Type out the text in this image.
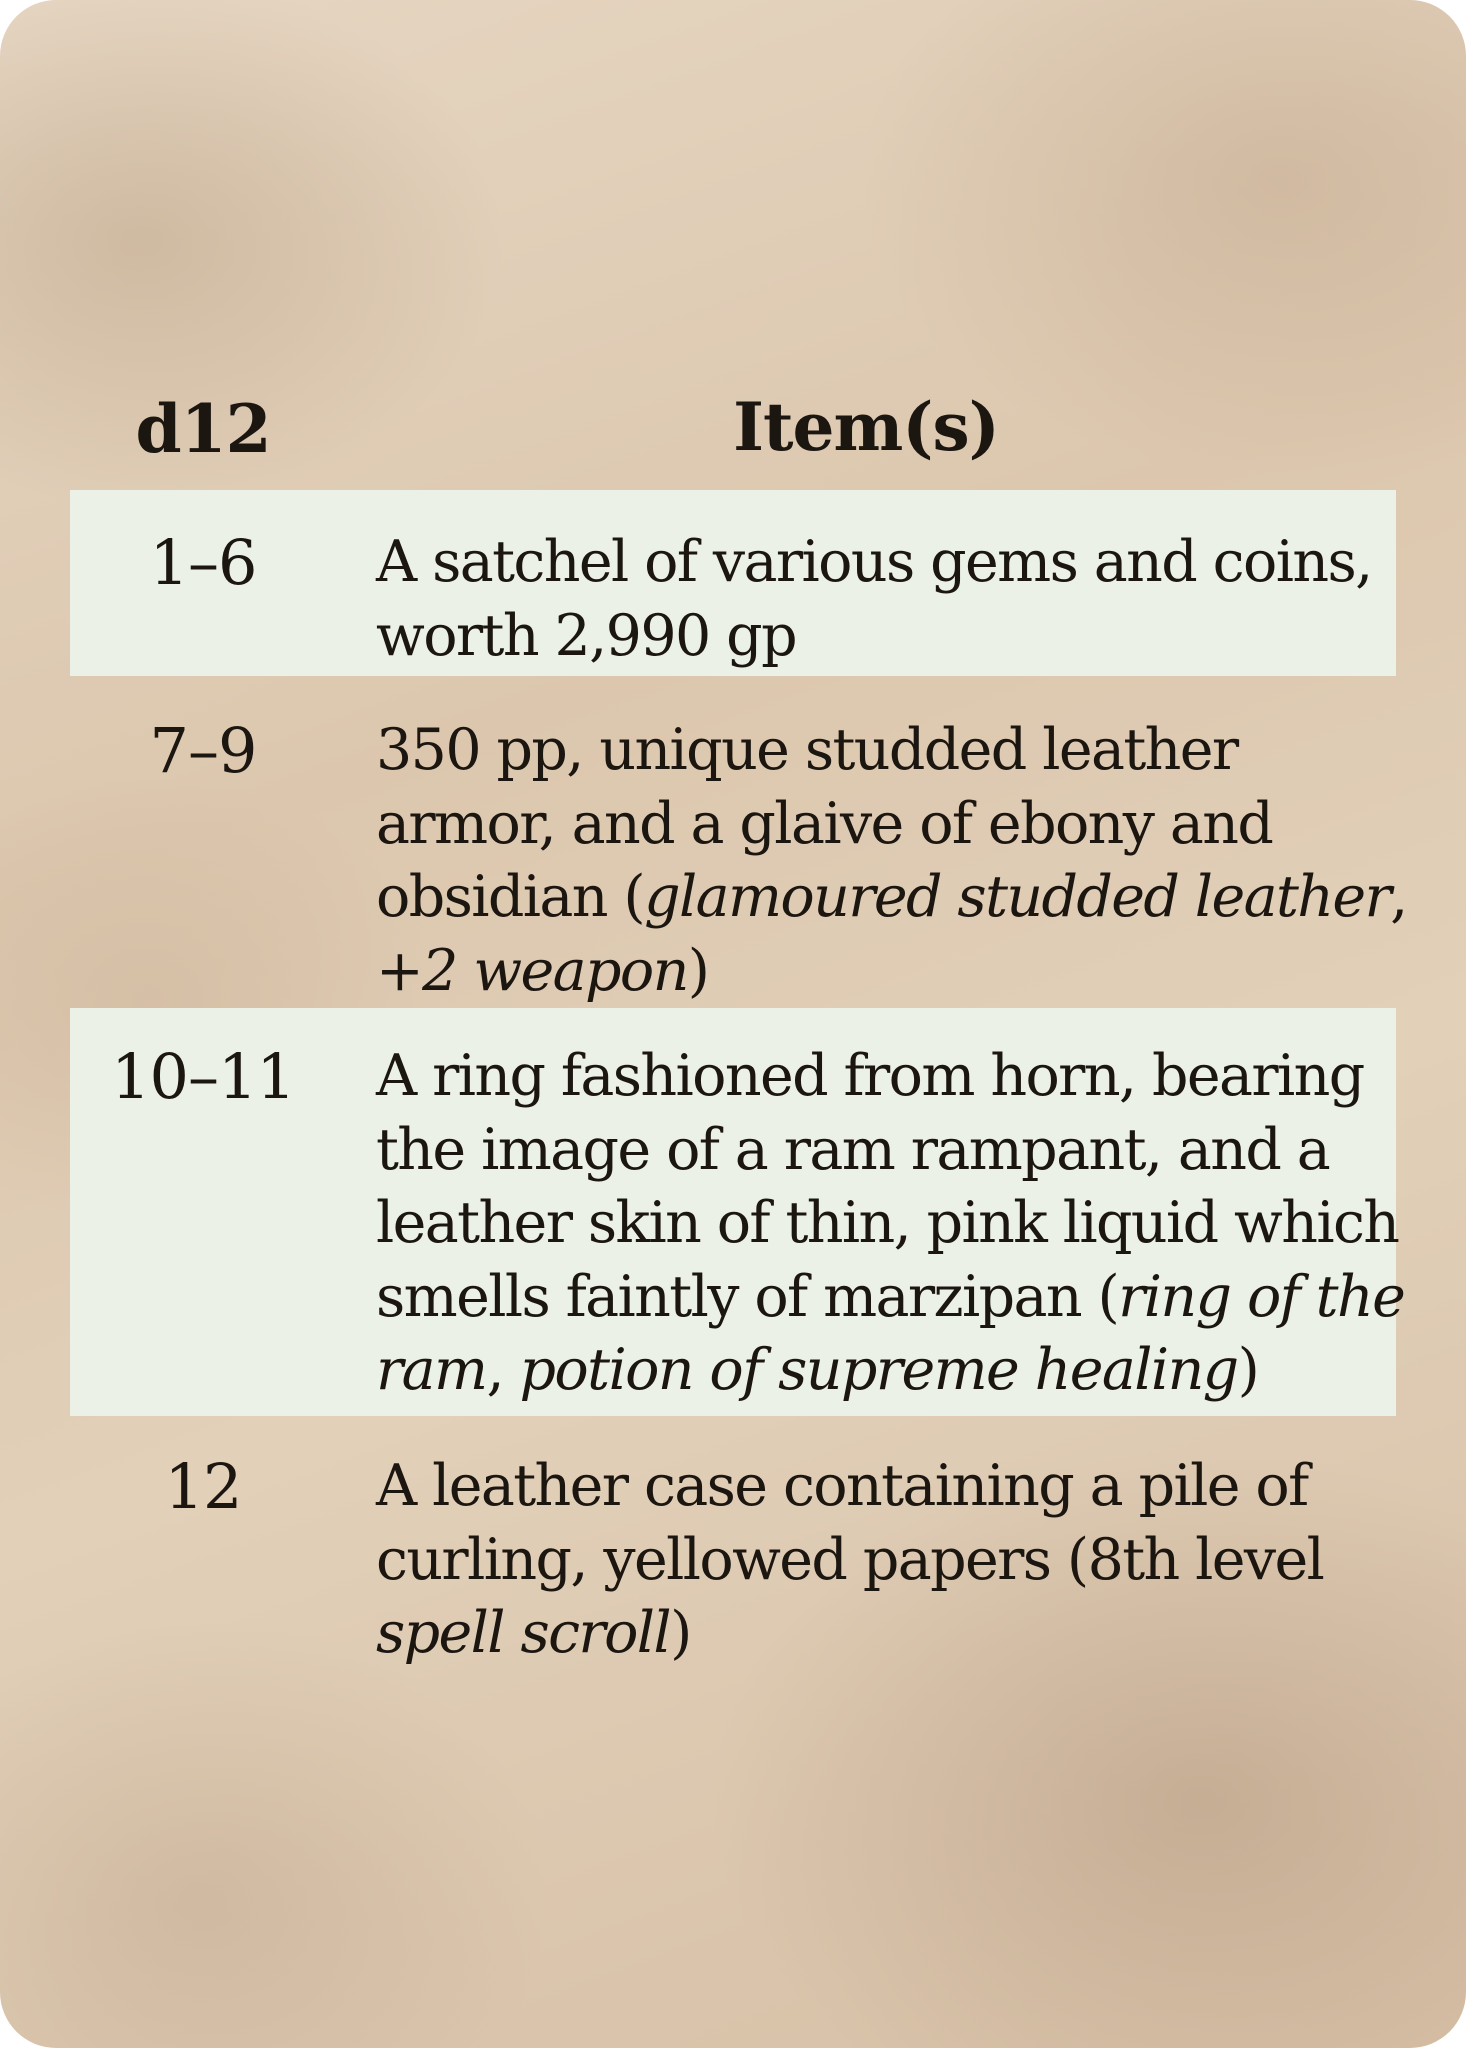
d12	Item(s)
1–6	A satchel of various gems and coins,
worth 2,990 gp
7–9	350 pp, unique studded leather
armor, and a glaive of ebony and
obsidian (glamoured studded leather,
+2 weapon)
10–11	A ring fashioned from horn, bearing
the image of a ram rampant, and a
leather skin of thin, pink liquid which
smells faintly of marzipan (ring of the
ram, potion of supreme healing)
12	A leather case containing a pile of
curling, yellowed papers (8th level
spell scroll)
